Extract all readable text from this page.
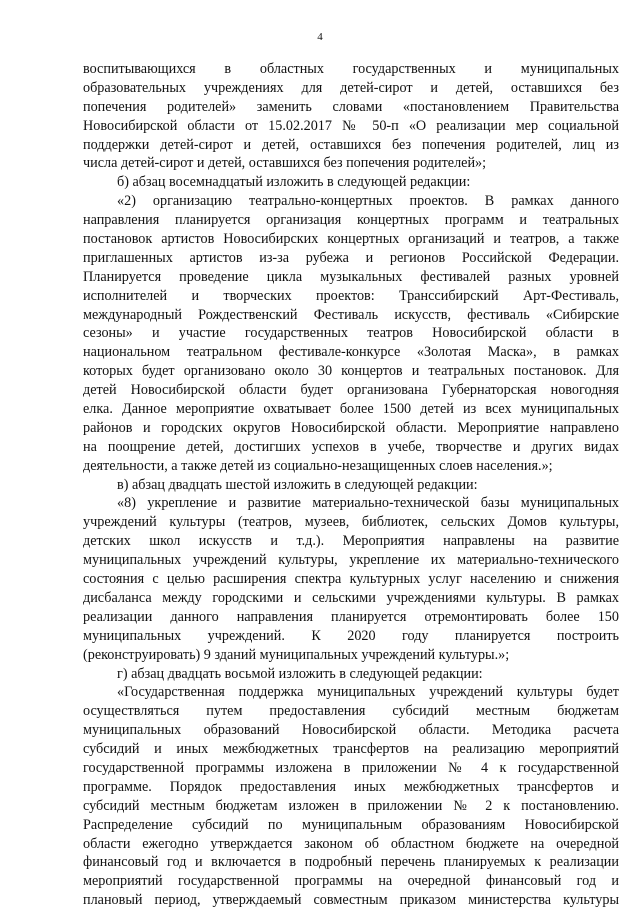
4
воспитывающихся в областных государственных и муниципальных
образовательных учреждениях для детей-сирот и детей, оставшихся без
попечения родителей» заменить словами «постановлением Правительства
Новосибирской области от 15.02.2017 № 50-п «О реализации мер социальной
поддержки детей-сирот и детей, оставшихся без попечения родителей, лиц из
числа детей-сирот и детей, оставшихся без попечения родителей»;
б) абзац восемнадцатый изложить в следующей редакции:
«2) организацию театрально-концертных проектов. В рамках данного
направления планируется организация концертных программ и театральных
постановок артистов Новосибирских концертных организаций и театров, а также
приглашенных артистов из-за рубежа и регионов Российской Федерации.
Планируется проведение цикла музыкальных фестивалей разных уровней
исполнителей и творческих проектов: Транссибирский Арт-Фестиваль,
международный Рождественский Фестиваль искусств, фестиваль «Сибирские
сезоны» и участие государственных театров Новосибирской области в
национальном театральном фестивале-конкурсе «Золотая Маска», в рамках
которых будет организовано около 30 концертов и театральных постановок. Для
детей Новосибирской области будет организована Губернаторская новогодняя
елка. Данное мероприятие охватывает более 1500 детей из всех муниципальных
районов и городских округов Новосибирской области. Мероприятие направлено
на поощрение детей, достигших успехов в учебе, творчестве и других видах
деятельности, а также детей из социально-незащищенных слоев населения.»;
в) абзац двадцать шестой изложить в следующей редакции:
«8) укрепление и развитие материально-технической базы муниципальных
учреждений культуры (театров, музеев, библиотек, сельских Домов культуры,
детских школ искусств и т.д.). Мероприятия направлены на развитие
муниципальных учреждений культуры, укрепление их материально-технического
состояния с целью расширения спектра культурных услуг населению и снижения
дисбаланса между городскими и сельскими учреждениями культуры. В рамках
реализации данного направления планируется отремонтировать более 150
муниципальных учреждений. К 2020 году планируется построить
(реконструировать) 9 зданий муниципальных учреждений культуры.»;
г) абзац двадцать восьмой изложить в следующей редакции:
«Государственная поддержка муниципальных учреждений культуры будет
осуществляться путем предоставления субсидий местным бюджетам
муниципальных образований Новосибирской области. Методика расчета
субсидий и иных межбюджетных трансфертов на реализацию мероприятий
государственной программы изложена в приложении № 4 к государственной
программе. Порядок предоставления иных межбюджетных трансфертов и
субсидий местным бюджетам изложен в приложении № 2 к постановлению.
Распределение субсидий по муниципальным образованиям Новосибирской
области ежегодно утверждается законом об областном бюджете на очередной
финансовый год и включается в подробный перечень планируемых к реализации
мероприятий государственной программы на очередной финансовый год и
плановый период, утверждаемый совместным приказом министерства культуры
